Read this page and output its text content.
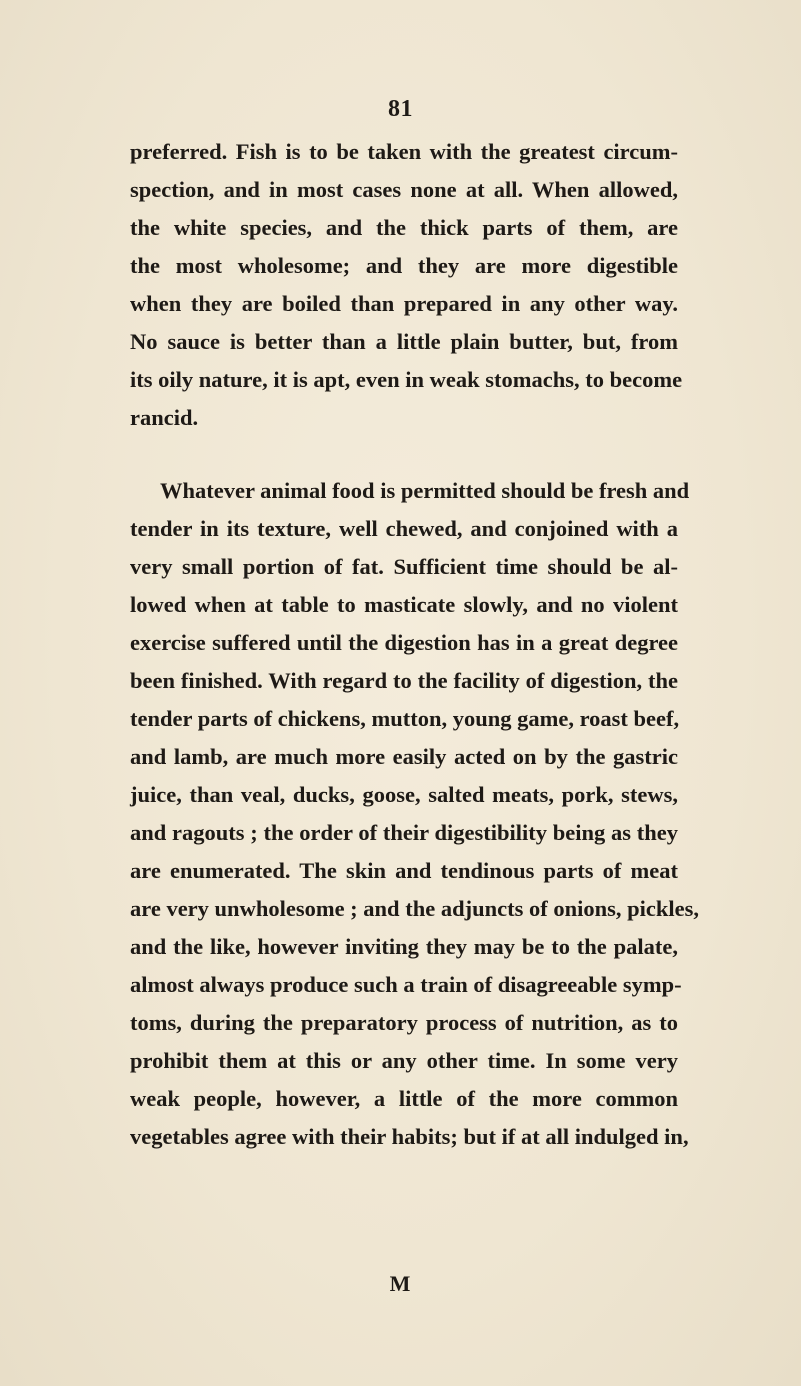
81
preferred. Fish is to be taken with the greatest circum-
spection, and in most cases none at all. When allowed,
the white species, and the thick parts of them, are
the most wholesome; and they are more digestible
when they are boiled than prepared in any other way.
No sauce is better than a little plain butter, but, from
its oily nature, it is apt, even in weak stomachs, to become
rancid.
Whatever animal food is permitted should be fresh and
tender in its texture, well chewed, and conjoined with a
very small portion of fat. Sufficient time should be al-
lowed when at table to masticate slowly, and no violent
exercise suffered until the digestion has in a great degree
been finished. With regard to the facility of digestion, the
tender parts of chickens, mutton, young game, roast beef,
and lamb, are much more easily acted on by the gastric
juice, than veal, ducks, goose, salted meats, pork, stews,
and ragouts ; the order of their digestibility being as they
are enumerated. The skin and tendinous parts of meat
are very unwholesome ; and the adjuncts of onions, pickles,
and the like, however inviting they may be to the palate,
almost always produce such a train of disagreeable symp-
toms, during the preparatory process of nutrition, as to
prohibit them at this or any other time. In some very
weak people, however, a little of the more common
vegetables agree with their habits; but if at all indulged in,
M
